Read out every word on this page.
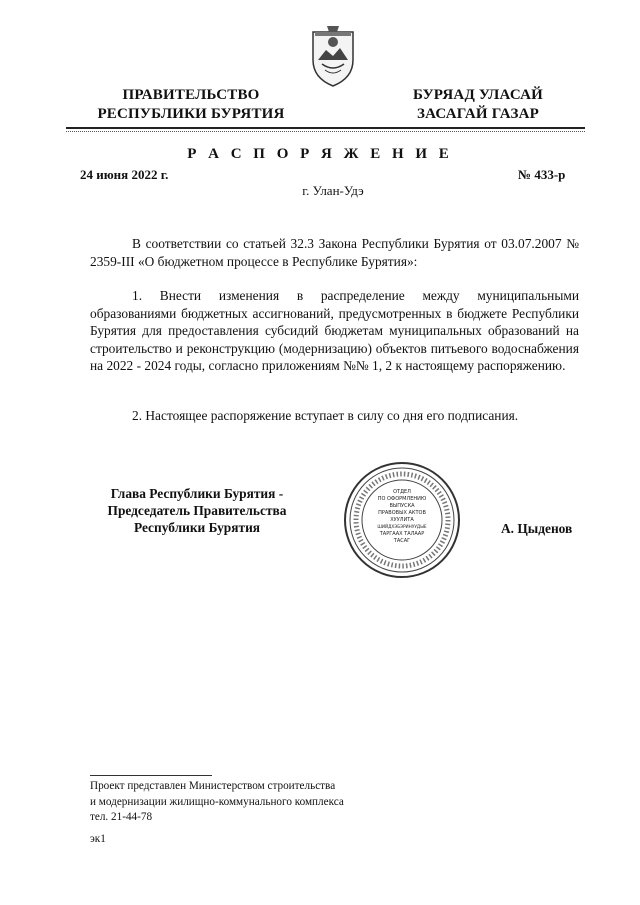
ПРАВИТЕЛЬСТВО
РЕСПУБЛИКИ БУРЯТИЯ
БУРЯАД УЛАСАЙ
ЗАСАГАЙ ГАЗАР
Р А С П О Р Я Ж Е Н И Е
24 июня 2022 г.	№ 433-р
г. Улан-Удэ

В соответствии со статьей 32.3 Закона Республики Бурятия от 03.07.2007 № 2359-III «О бюджетном процессе в Республике Бурятия»:

1. Внести изменения в распределение между муниципальными образованиями бюджетных ассигнований, предусмотренных в бюджете Республики Бурятия для предоставления субсидий бюджетам муниципальных образований на строительство и реконструкцию (модернизацию) объектов питьевого водоснабжения на 2022 - 2024 годы, согласно приложениям №№ 1, 2 к настоящему распоряжению.

2. Настоящее распоряжение вступает в силу со дня его подписания.

Глава Республики Бурятия -
Председатель Правительства
Республики Бурятия	А. Цыденов
ОТДЕЛ
ПО ОФОРМЛЕНИЮ
ВЫПУСКА
ПРАВОВЫХ АКТОВ
ХУУЛИТА
ШИЙДХЭБЭРИНУУДЫЕ
ТАРГААХ ТАЛААР
ТАСАГ
Проект представлен Министерством строительства
и модернизации жилищно-коммунального комплекса
тел. 21-44-78
эк1
